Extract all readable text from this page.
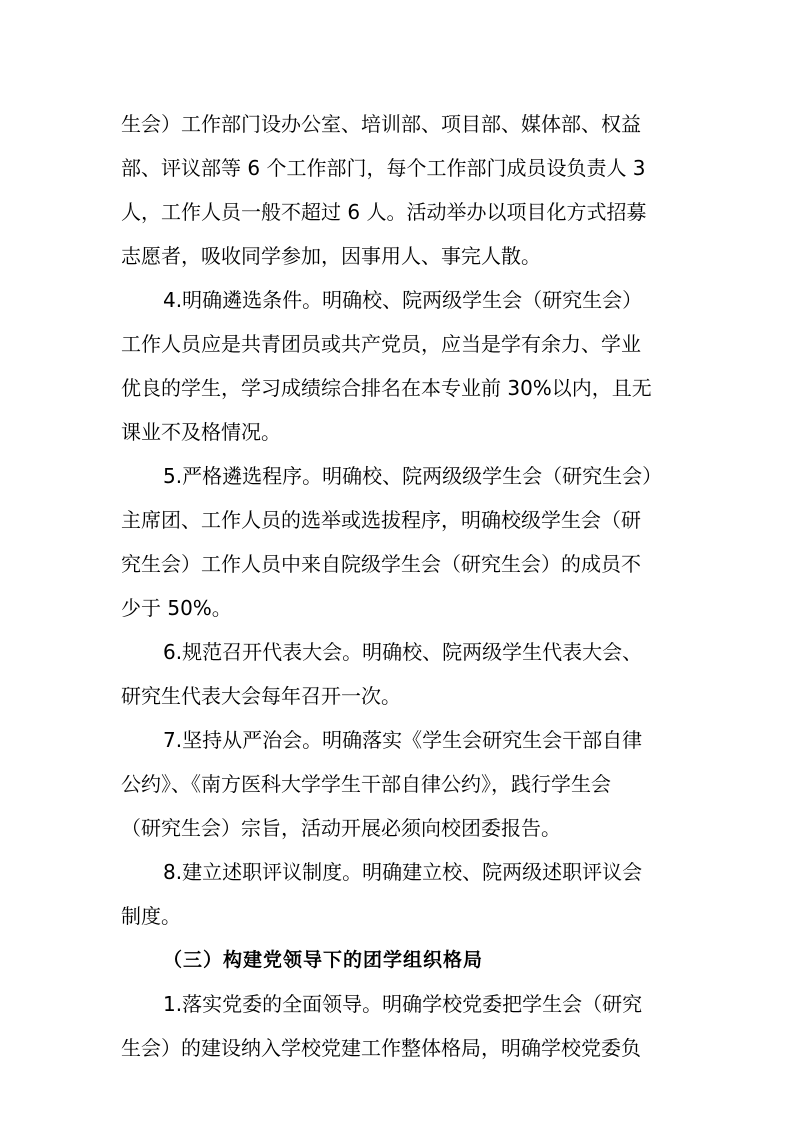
生会）工作部门设办公室、培训部、项目部、媒体部、权益
部、评议部等 6 个工作部门，每个工作部门成员设负责人 3
人，工作人员一般不超过 6 人。活动举办以项目化方式招募
志愿者，吸收同学参加，因事用人、事完人散。
4.明确遴选条件。明确校、院两级学生会（研究生会）
工作人员应是共青团员或共产党员，应当是学有余力、学业
优良的学生，学习成绩综合排名在本专业前 30%以内，且无
课业不及格情况。
5.严格遴选程序。明确校、院两级级学生会（研究生会）
主席团、工作人员的选举或选拔程序，明确校级学生会（研
究生会）工作人员中来自院级学生会（研究生会）的成员不
少于 50%。
6.规范召开代表大会。明确校、院两级学生代表大会、
研究生代表大会每年召开一次。
7.坚持从严治会。明确落实《学生会研究生会干部自律
公约》、《南方医科大学学生干部自律公约》，践行学生会
（研究生会）宗旨，活动开展必须向校团委报告。
8.建立述职评议制度。明确建立校、院两级述职评议会
制度。
（三）构建党领导下的团学组织格局
1.落实党委的全面领导。明确学校党委把学生会（研究
生会）的建设纳入学校党建工作整体格局，明确学校党委负
